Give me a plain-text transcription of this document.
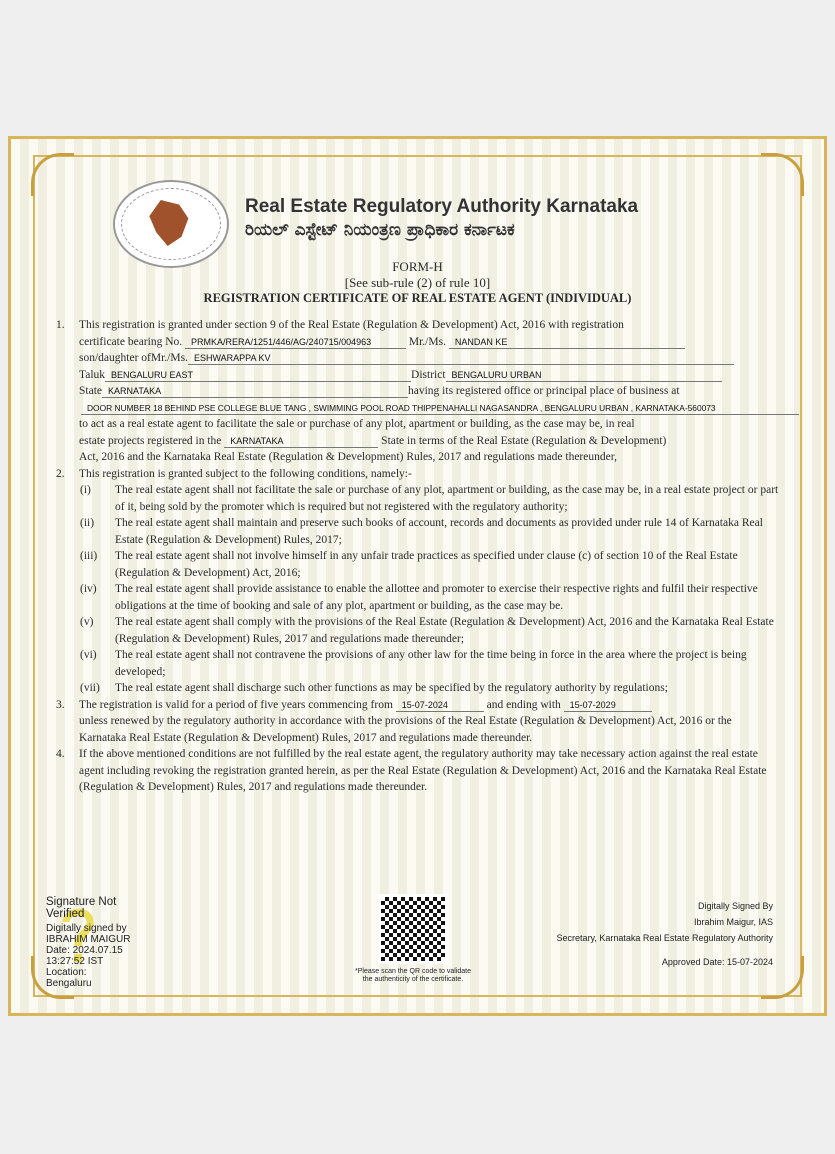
Real Estate Regulatory Authority Karnataka
ರಿಯಲ್ ಎಸ್ಟೇಟ್ ನಿಯಂತ್ರಣ ಪ್ರಾಧಿಕಾರ ಕರ್ನಾಟಕ
FORM-H
[See sub-rule (2) of rule 10]
REGISTRATION CERTIFICATE OF REAL ESTATE AGENT (INDIVIDUAL)
1.	This registration is granted under section 9 of the Real Estate (Regulation & Development) Act, 2016 with registration
certificate bearing No. PRMKA/RERA/1251/446/AG/240715/004963	Mr./Ms. NANDAN KE
son/daughter ofMr./Ms. ESHWARAPPA KV
Taluk BENGALURU EAST	District BENGALURU URBAN
State KARNATAKA	having its registered office or principal place of business at
DOOR NUMBER 18 BEHIND PSE COLLEGE BLUE TANG , SWIMMING POOL ROAD THIPPENAHALLI NAGASANDRA , BENGALURU URBAN , KARNATAKA-560073
to act as a real estate agent to facilitate the sale or purchase of any plot, apartment or building, as the case may be, in real
estate projects registered in the KARNATAKA	State in terms of the Real Estate (Regulation & Development)
Act, 2016 and the Karnataka Real Estate (Regulation & Development) Rules, 2017 and regulations made thereunder,
2.	This registration is granted subject to the following conditions, namely:-
(i)	The real estate agent shall not facilitate the sale or purchase of any plot, apartment or building, as the case may be, in a real estate project or part of it, being sold by the promoter which is required but not registered with the regulatory authority;
(ii)	The real estate agent shall maintain and preserve such books of account, records and documents as provided under rule 14 of Karnataka Real Estate (Regulation & Development) Rules, 2017;
(iii)	The real estate agent shall not involve himself in any unfair trade practices as specified under clause (c) of section 10 of the Real Estate (Regulation & Development) Act, 2016;
(iv)	The real estate agent shall provide assistance to enable the allottee and promoter to exercise their respective rights and fulfil their respective obligations at the time of booking and sale of any plot, apartment or building, as the case may be.
(v)	The real estate agent shall comply with the provisions of the Real Estate (Regulation & Development) Act, 2016 and the Karnataka Real Estate (Regulation & Development) Rules, 2017 and regulations made thereunder;
(vi)	The real estate agent shall not contravene the provisions of any other law for the time being in force in the area where the project is being developed;
(vii)	The real estate agent shall discharge such other functions as may be specified by the regulatory authority by regulations;
3.	The registration is valid for a period of five years commencing from 15-07-2024	and ending with 15-07-2029
unless renewed by the regulatory authority in accordance with the provisions of the Real Estate (Regulation & Development) Act, 2016 or the Karnataka Real Estate (Regulation & Development) Rules, 2017 and regulations made thereunder.
4.	If the above mentioned conditions are not fulfilled by the real estate agent, the regulatory authority may take necessary action against the real estate agent including revoking the registration granted herein, as per the Real Estate (Regulation & Development) Act, 2016 and the Karnataka Real Estate (Regulation & Development) Rules, 2017 and regulations made thereunder.
Signature Not Verified
Digitally signed by
IBRAHIM MAIGUR
Date: 2024.07.15
13:27:52 IST
Location:
Bengaluru
*Please scan the QR code to validate
the authenticity of the certificate.
Digitally Signed By
Ibrahim Maigur, IAS
Secretary, Karnataka Real Estate Regulatory Authority
Approved Date: 15-07-2024
